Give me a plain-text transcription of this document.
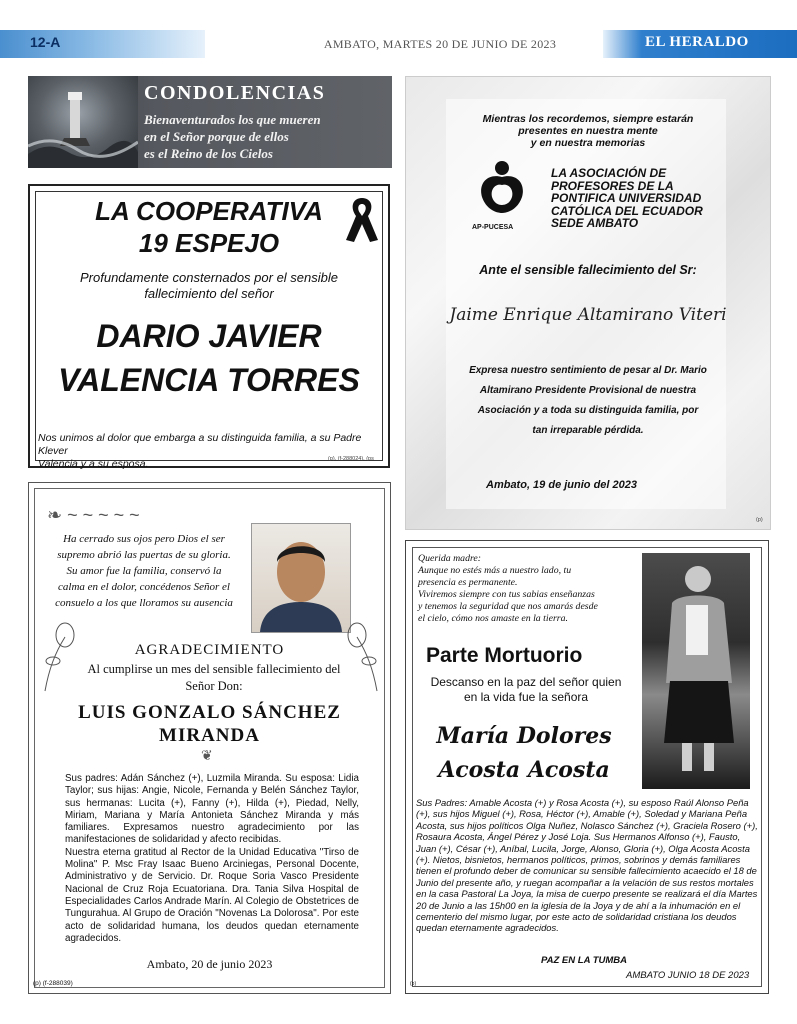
12-A	AMBATO, MARTES 20 DE JUNIO DE 2023	EL HERALDO
CONDOLENCIAS
Bienaventurados los que mueren
en el Señor porque de ellos
es el Reino de los Cielos
LA COOPERATIVA
19 ESPEJO
Profundamente consternados por el sensible
fallecimiento del señor
DARIO JAVIER
VALENCIA TORRES
Nos unimos al dolor que embarga a su distinguida familia, a su Padre Klever
Valencia y a su esposa.	(p). (f-288024). (ps
Mientras los recordemos, siempre estarán
presentes en nuestra mente
y en nuestra memorias
AP-PUCESA
LA ASOCIACIÓN DE
PROFESORES DE LA
PONTIFICA UNIVERSIDAD
CATÓLICA DEL ECUADOR
SEDE AMBATO
Ante el sensible fallecimiento del Sr:
Jaime Enrique Altamirano Viteri
Expresa nuestro sentimiento de pesar al Dr. Mario
Altamirano Presidente Provisional de nuestra
Asociación y a toda su distinguida familia, por
tan irreparable pérdida.
Ambato, 19 de junio del 2023
(p)
❧ ~ ~ ~ ~ ~
Ha cerrado sus ojos pero Dios el ser
supremo abrió las puertas de su gloria.
Su amor fue la familia, conservó la
calma en el dolor, concédenos Señor el
consuelo a los que lloramos su ausencia
AGRADECIMIENTO
Al cumplirse un mes del sensible fallecimiento del
Señor Don:
LUIS GONZALO SÁNCHEZ
MIRANDA
❦
Sus padres: Adán Sánchez (+), Luzmila Miranda. Su esposa: Lidia Taylor; sus hijas: Angie, Nicole, Fernanda y Belén Sánchez Taylor, sus hermanas: Lucita (+), Fanny (+), Hilda (+), Piedad, Nelly, Miriam, Mariana y María Antonieta Sánchez Miranda y más familiares. Expresamos nuestro agradecimiento por las manifestaciones de solidaridad y afecto recibidas.
Nuestra eterna gratitud al Rector de la Unidad Educativa "Tirso de Molina" P. Msc Fray Isaac Bueno Arciniegas, Personal Docente, Administrativo y de Servicio. Dr. Roque Soria Vasco Presidente Nacional de Cruz Roja Ecuatoriana. Dra. Tania Silva Hospital de Especialidades Carlos Andrade Marín. Al Colegio de Obstetrices de Tungurahua. Al Grupo de Oración "Novenas La Dolorosa". Por este acto de solidaridad humana, los deudos quedan eternamente agradecidos.
Ambato, 20 de junio 2023
(p) (f-288039)
Querida madre:
Aunque no estés más a nuestro lado, tu
presencia es permanente.
Viviremos siempre con tus sabias enseñanzas
y tenemos la seguridad que nos amarás desde
el cielo, cómo nos amaste en la tierra.
Parte Mortuorio
Descanso en la paz del señor quien
en la vida fue la señora
María Dolores
Acosta Acosta
Sus Padres: Amable Acosta (+) y Rosa Acosta (+), su esposo Raúl Alonso Peña (+), sus hijos Miguel (+), Rosa, Héctor (+), Amable (+), Soledad y Mariana Peña Acosta, sus hijos políticos Olga Nuñez, Nolasco Sánchez (+), Graciela Rosero (+), Rosaura Acosta, Ángel Pérez y José Loja. Sus Hermanos Alfonso (+), Fausto, Juan (+), César (+), Aníbal, Lucila, Jorge, Alonso, Gloria (+), Olga Acosta Acosta (+). Nietos, bisnietos, hermanos políticos, primos, sobrinos y demás familiares tienen el profundo deber de comunicar su sensible fallecimiento acaecido el 18 de Junio del presente año, y ruegan acompañar a la velación de sus restos mortales en la casa Pastoral La Joya, la misa de cuerpo presente se realizará el día Martes 20 de Junio a las 15h00 en la iglesia de la Joya y de ahí a la inhumación en el cementerio del mismo lugar, por este acto de solidaridad cristiana los deudos quedan eternamente agradecidos.
PAZ EN LA TUMBA
AMBATO JUNIO 18 DE 2023
(p)
